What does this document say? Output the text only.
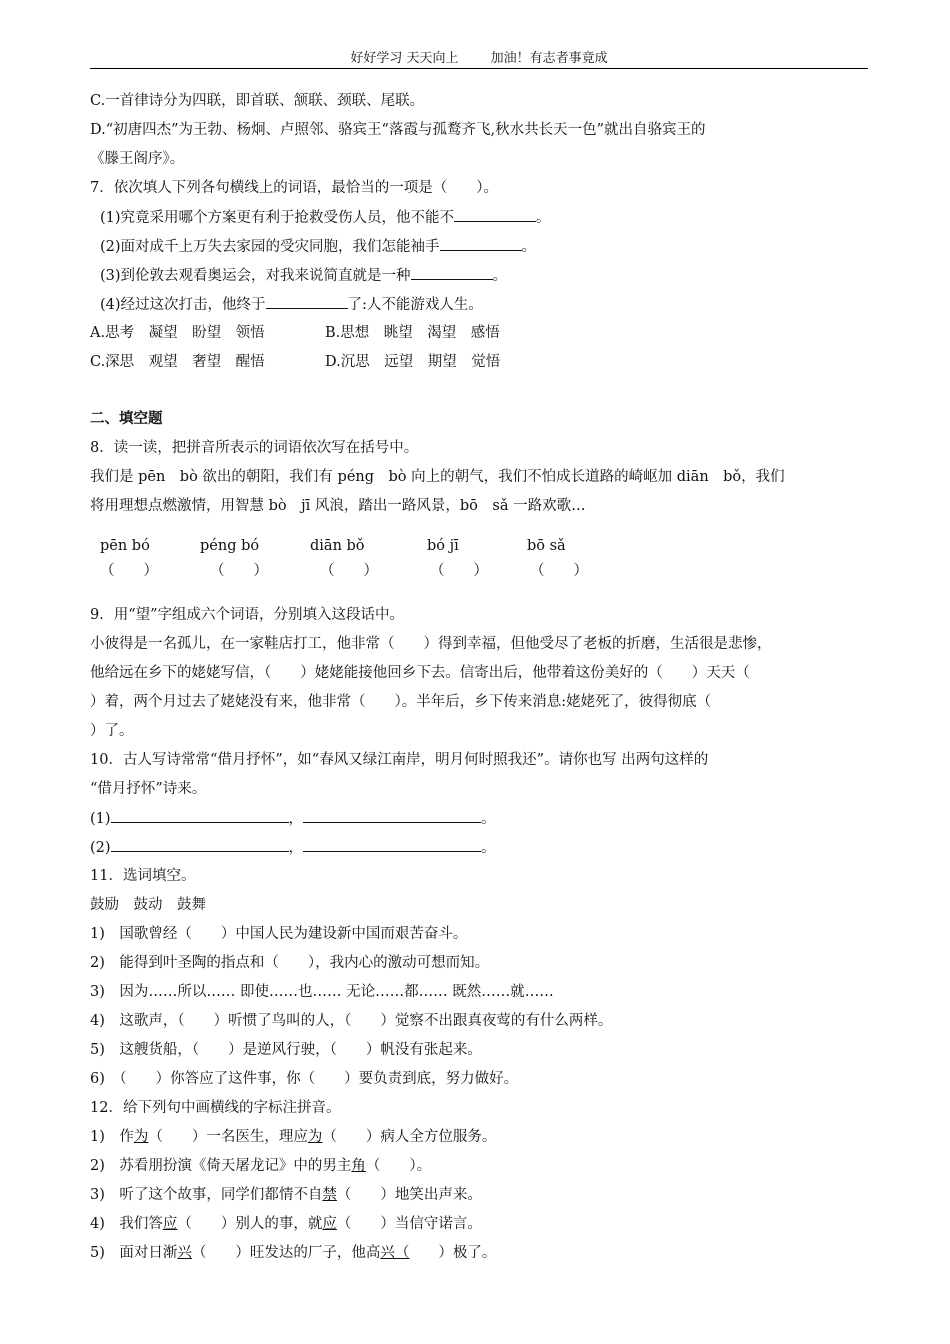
好好学习 天天向上 加油！有志者事竟成
C.一首律诗分为四联，即首联、颔联、颈联、尾联。
D.“初唐四杰”为王勃、杨炯、卢照邻、骆宾王“落霞与孤鹜齐飞,秋水共长天一色”就出自骆宾王的
《滕王阁序》。
7．依次填人下列各句横线上的词语，最恰当的一项是（　　）。
(1)究竟采用哪个方案更有利于抢救受伤人员，他不能不	。
(2)面对成千上万失去家园的受灾同胞，我们怎能袖手	。
(3)到伦敦去观看奥运会，对我来说简直就是一种	。
(4)经过这次打击，他终于	了:人不能游戏人生。
A.思考　凝望　盼望　领悟	B.思想　眺望　渴望　感悟
C.深思　观望　奢望　醒悟	D.沉思　远望　期望　觉悟
二、填空题
8．读一读，把拼音所表示的词语依次写在括号中。
我们是 pēn　bò 欲出的朝阳，我们有 péng　bò 向上的朝气，我们不怕成长道路的崎岖加 diān　bǒ，我们
将用理想点燃激情，用智慧 bò　jī 风浪，踏出一路风景，bō　sǎ 一路欢歌…
pēn bó	péng bó	diān bǒ	bó jī	bō sǎ
（　　）	（　　）	（　　）	（　　）	（　　）
9．用“望”字组成六个词语，分别填入这段话中。
小彼得是一名孤儿，在一家鞋店打工，他非常（　　）得到幸福，但他受尽了老板的折磨，生活很是悲惨，
他给远在乡下的姥姥写信，（　　）姥姥能接他回乡下去。信寄出后，他带着这份美好的（　　）天天（
）着，两个月过去了姥姥没有来，他非常（　　）。半年后，乡下传来消息:姥姥死了，彼得彻底（
）了。
10．古人写诗常常“借月抒怀”，如“春风又绿江南岸，明月何时照我还”。请你也写 出两句这样的
“借月抒怀”诗来。
(1)	，	。
(2)	，	。
11．选词填空。
鼓励　鼓动　鼓舞
1)　国歌曾经（　　）中国人民为建设新中国而艰苦奋斗。
2)　能得到叶圣陶的指点和（　　），我内心的激动可想而知。
3)　因为……所以…… 即使……也…… 无论……都…… 既然……就……
4)　这歌声，（　　）听惯了鸟叫的人，（　　）觉察不出跟真夜莺的有什么两样。
5)　这艘货船，（　　）是逆风行驶，（　　）帆没有张起来。
6)　（　　）你答应了这件事，你（　　）要负责到底，努力做好。
12．给下列句中画横线的字标注拼音。
1)　作为（　　）一名医生，理应为（　　）病人全方位服务。
2)　苏看朋扮演《倚天屠龙记》中的男主角（　　）。
3)　听了这个故事，同学们都情不自禁（　　）地笑出声来。
4)　我们答应（　　）别人的事，就应（　　）当信守诺言。
5)　面对日渐兴（　　）旺发达的厂子，他高兴（　　）极了。
